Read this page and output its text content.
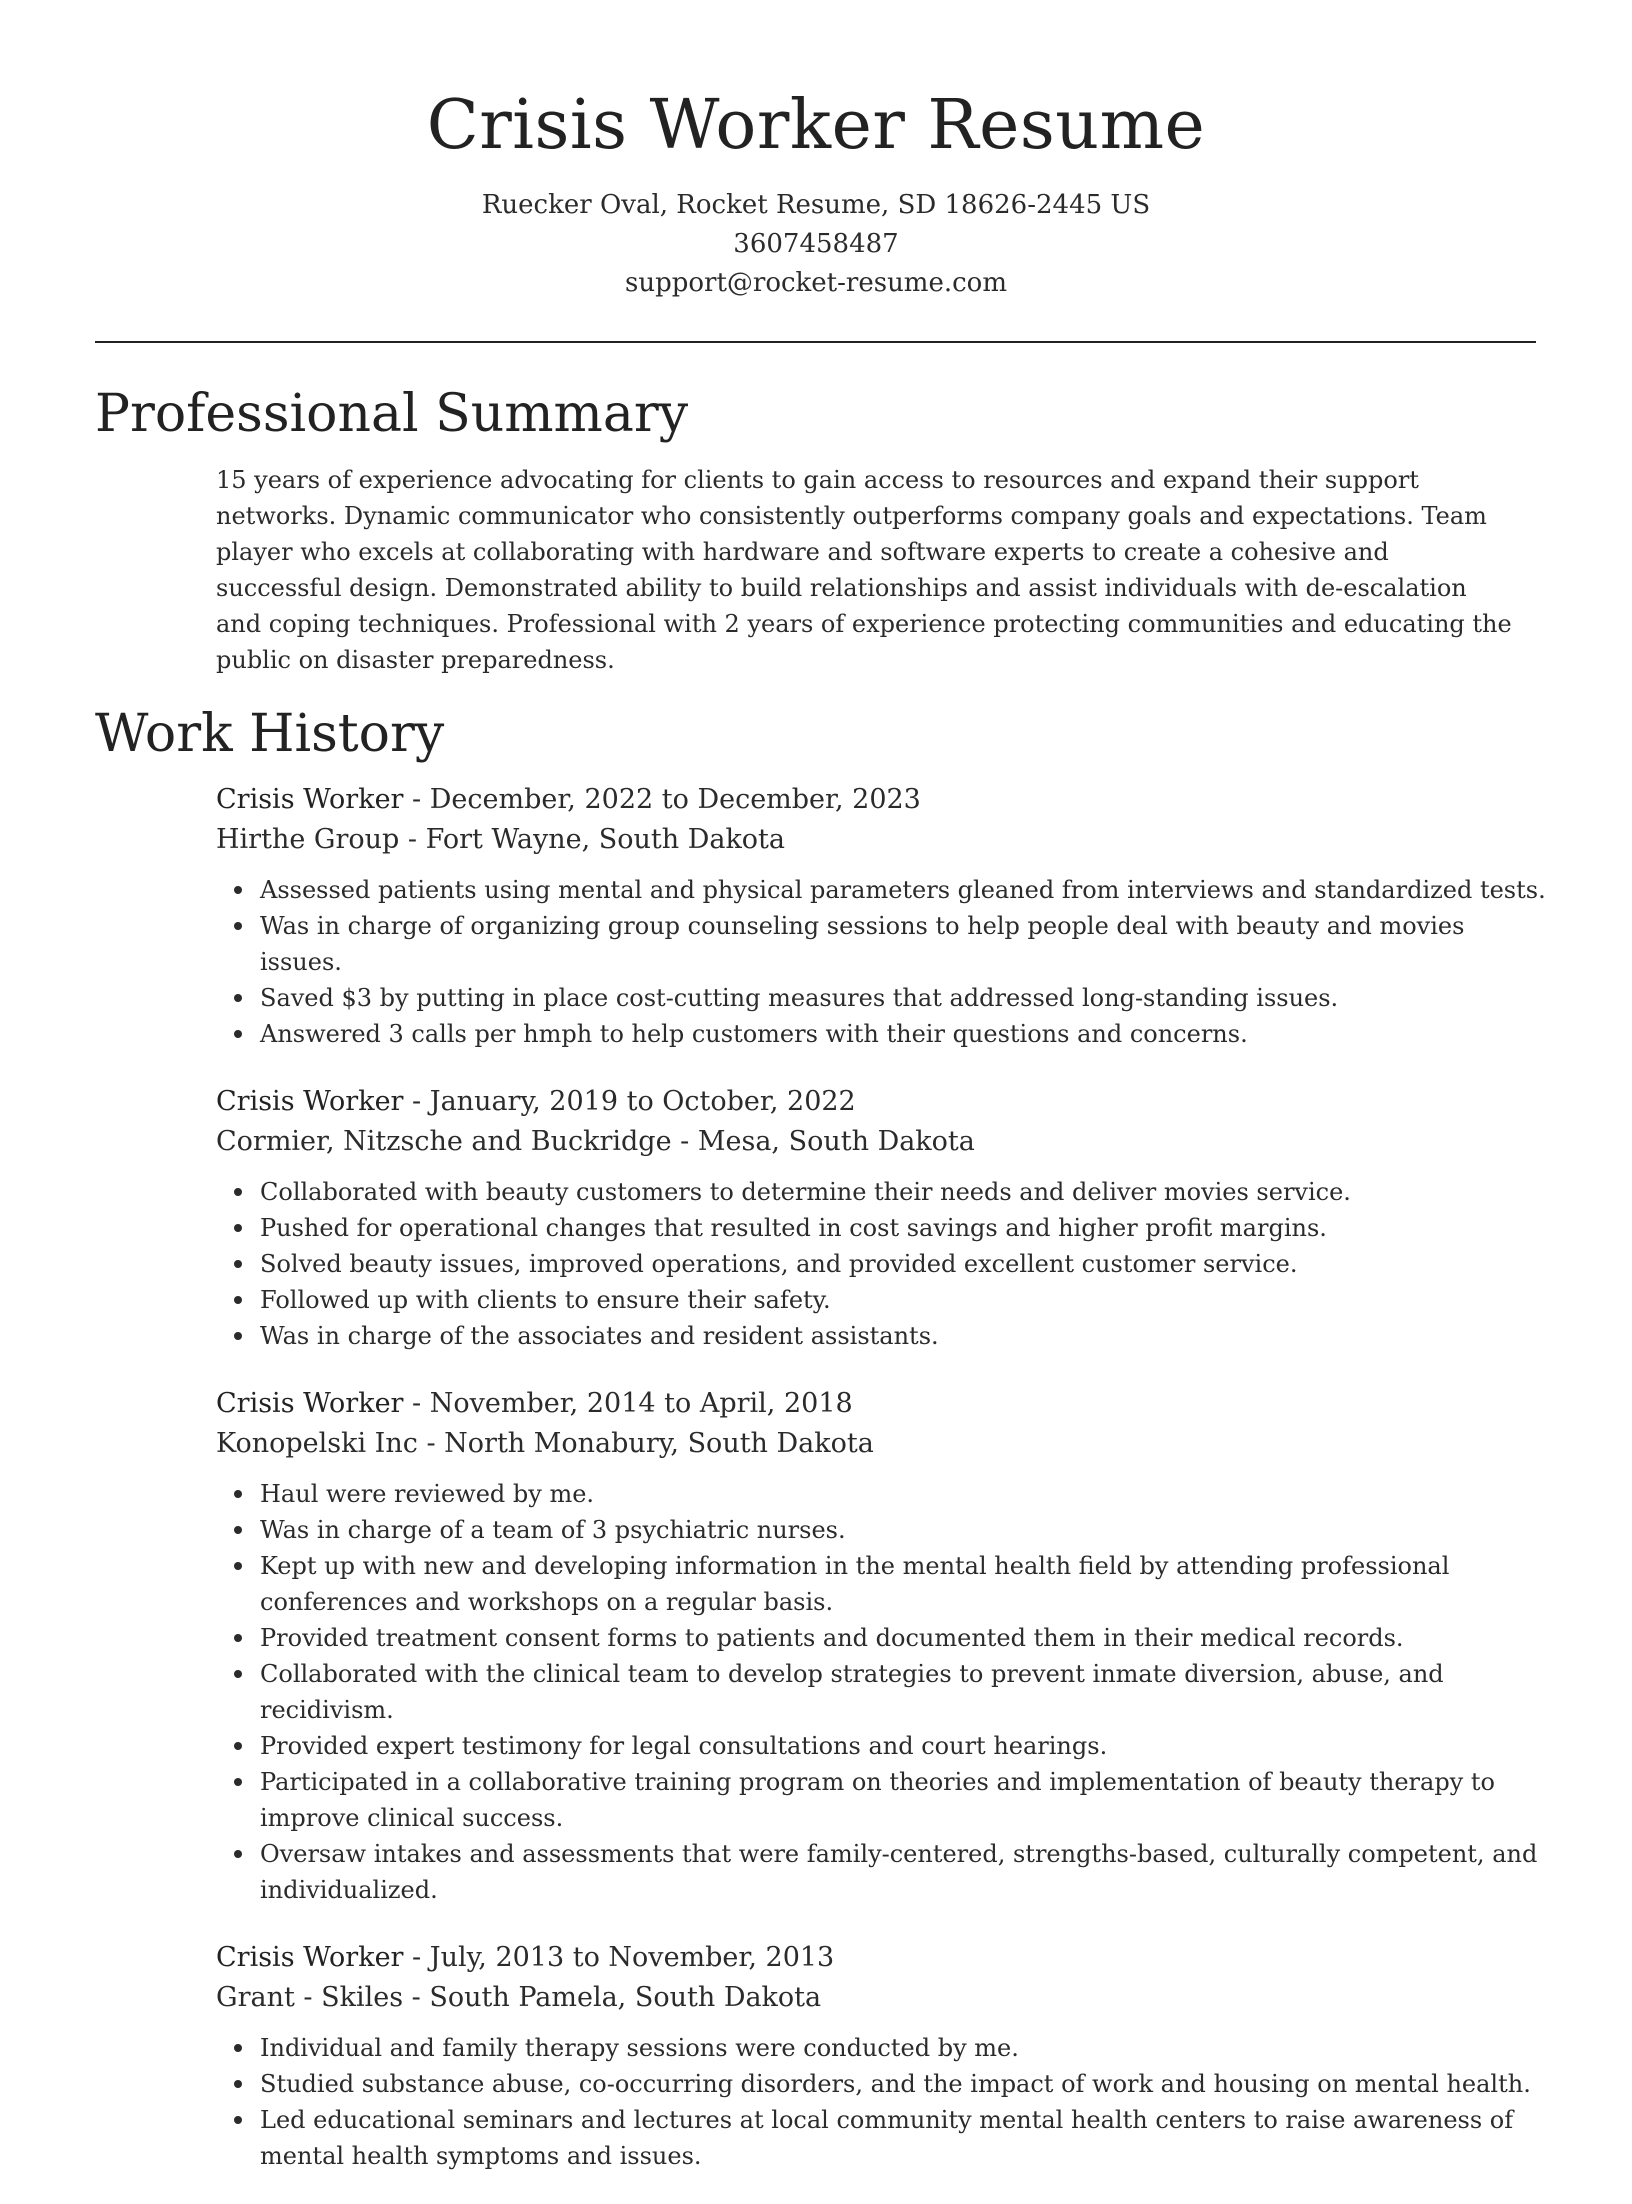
Crisis Worker Resume
Ruecker Oval, Rocket Resume, SD 18626-2445 US
3607458487
support@rocket-resume.com
Professional Summary

15 years of experience advocating for clients to gain access to resources and expand their support networks. Dynamic communicator who consistently outperforms company goals and expectations. Team player who excels at collaborating with hardware and software experts to create a cohesive and successful design. Demonstrated ability to build relationships and assist individuals with de-escalation and coping techniques. Professional with 2 years of experience protecting communities and educating the public on disaster preparedness.

Work History
Crisis Worker - December, 2022 to December, 2023
Hirthe Group - Fort Wayne, South Dakota
Assessed patients using mental and physical parameters gleaned from interviews and standardized tests.
Was in charge of organizing group counseling sessions to help people deal with beauty and movies issues.
Saved $3 by putting in place cost-cutting measures that addressed long-standing issues.
Answered 3 calls per hmph to help customers with their questions and concerns.
Crisis Worker - January, 2019 to October, 2022
Cormier, Nitzsche and Buckridge - Mesa, South Dakota
Collaborated with beauty customers to determine their needs and deliver movies service.
Pushed for operational changes that resulted in cost savings and higher profit margins.
Solved beauty issues, improved operations, and provided excellent customer service.
Followed up with clients to ensure their safety.
Was in charge of the associates and resident assistants.
Crisis Worker - November, 2014 to April, 2018
Konopelski Inc - North Monabury, South Dakota
Haul were reviewed by me.
Was in charge of a team of 3 psychiatric nurses.
Kept up with new and developing information in the mental health field by attending professional conferences and workshops on a regular basis.
Provided treatment consent forms to patients and documented them in their medical records.
Collaborated with the clinical team to develop strategies to prevent inmate diversion, abuse, and recidivism.
Provided expert testimony for legal consultations and court hearings.
Participated in a collaborative training program on theories and implementation of beauty therapy to improve clinical success.
Oversaw intakes and assessments that were family-centered, strengths-based, culturally competent, and individualized.
Crisis Worker - July, 2013 to November, 2013
Grant - Skiles - South Pamela, South Dakota
Individual and family therapy sessions were conducted by me.
Studied substance abuse, co-occurring disorders, and the impact of work and housing on mental health.
Led educational seminars and lectures at local community mental health centers to raise awareness of mental health symptoms and issues.
